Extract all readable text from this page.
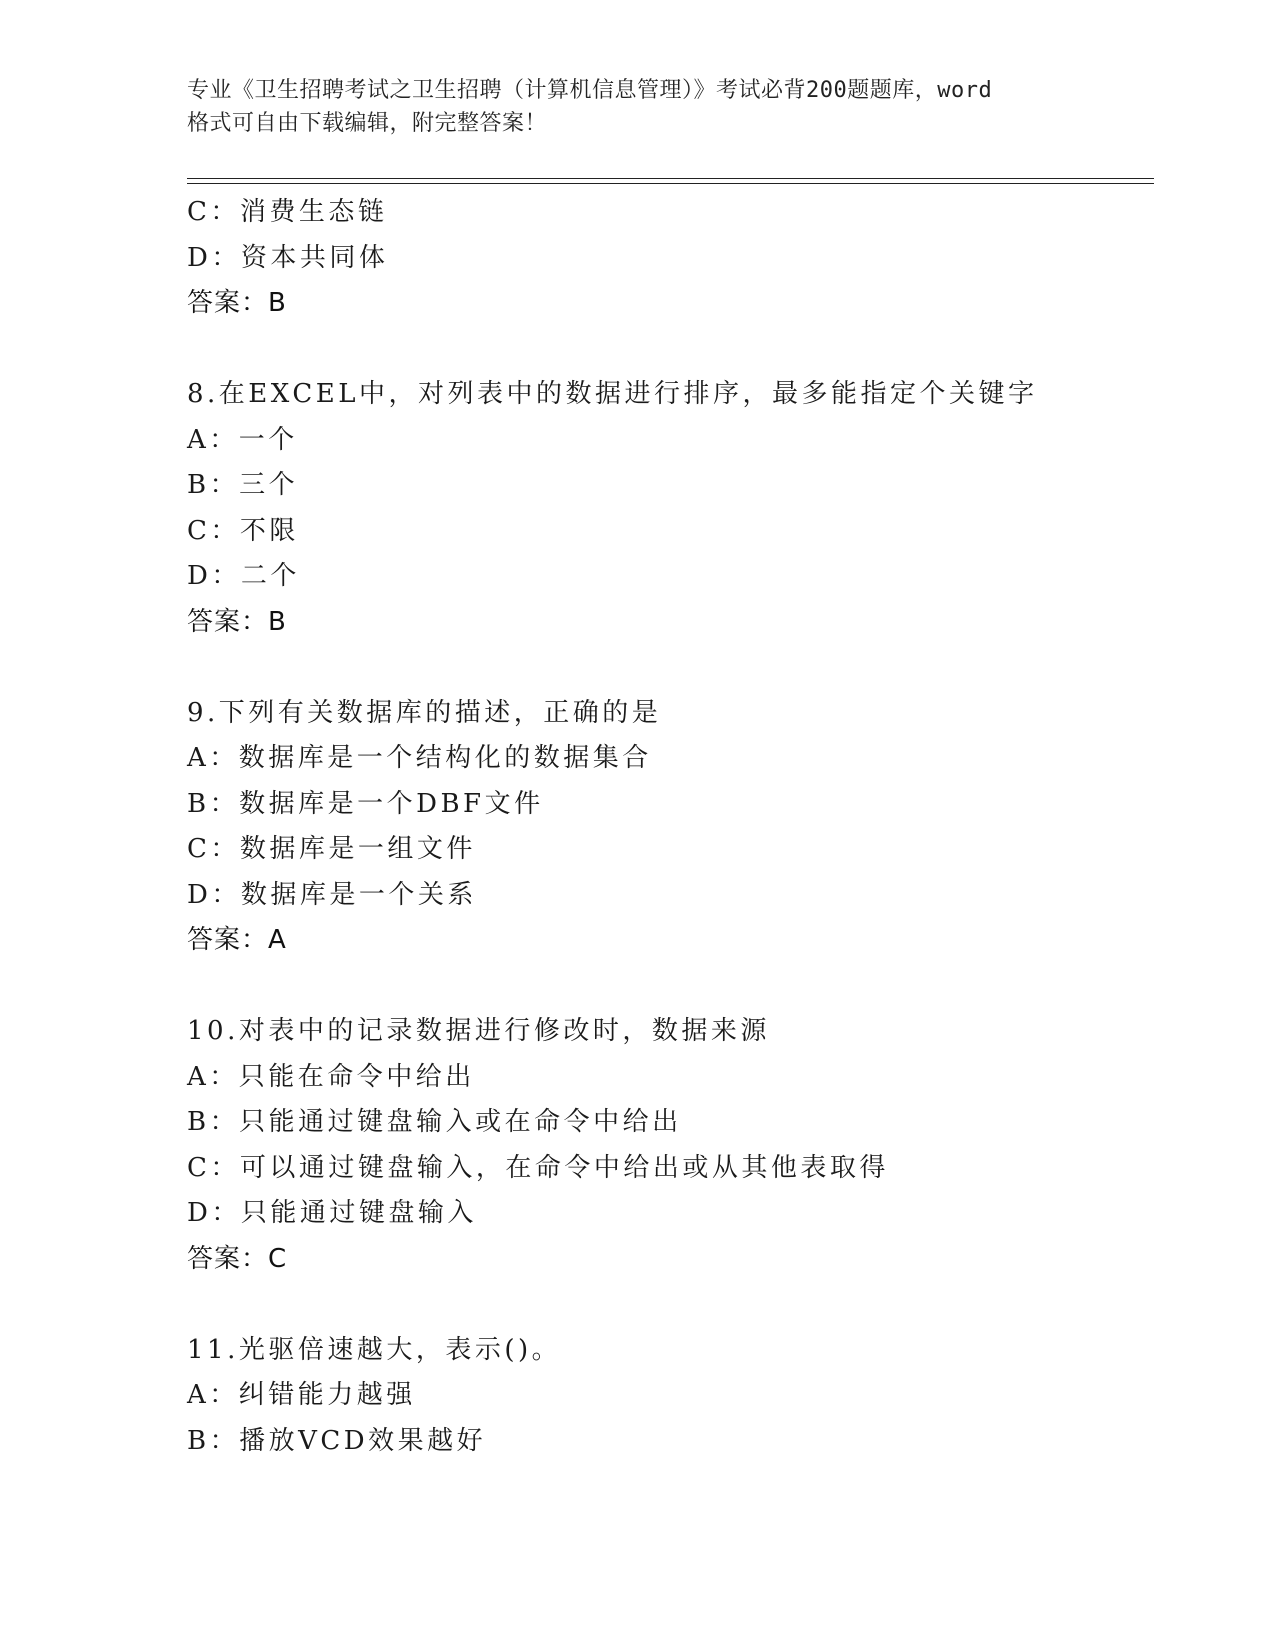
专业《卫生招聘考试之卫生招聘（计算机信息管理）》考试必背200题题库，word
格式可自由下载编辑，附完整答案！
C：消费生态链
D：资本共同体
答案：B
8.在EXCEL中，对列表中的数据进行排序，最多能指定个关键字
A：一个
B：三个
C：不限
D：二个
答案：B
9.下列有关数据库的描述，正确的是
A：数据库是一个结构化的数据集合
B：数据库是一个DBF文件
C：数据库是一组文件
D：数据库是一个关系
答案：A
10.对表中的记录数据进行修改时，数据来源
A：只能在命令中给出
B：只能通过键盘输入或在命令中给出
C：可以通过键盘输入，在命令中给出或从其他表取得
D：只能通过键盘输入
答案：C
11.光驱倍速越大，表示()。
A：纠错能力越强
B：播放VCD效果越好
